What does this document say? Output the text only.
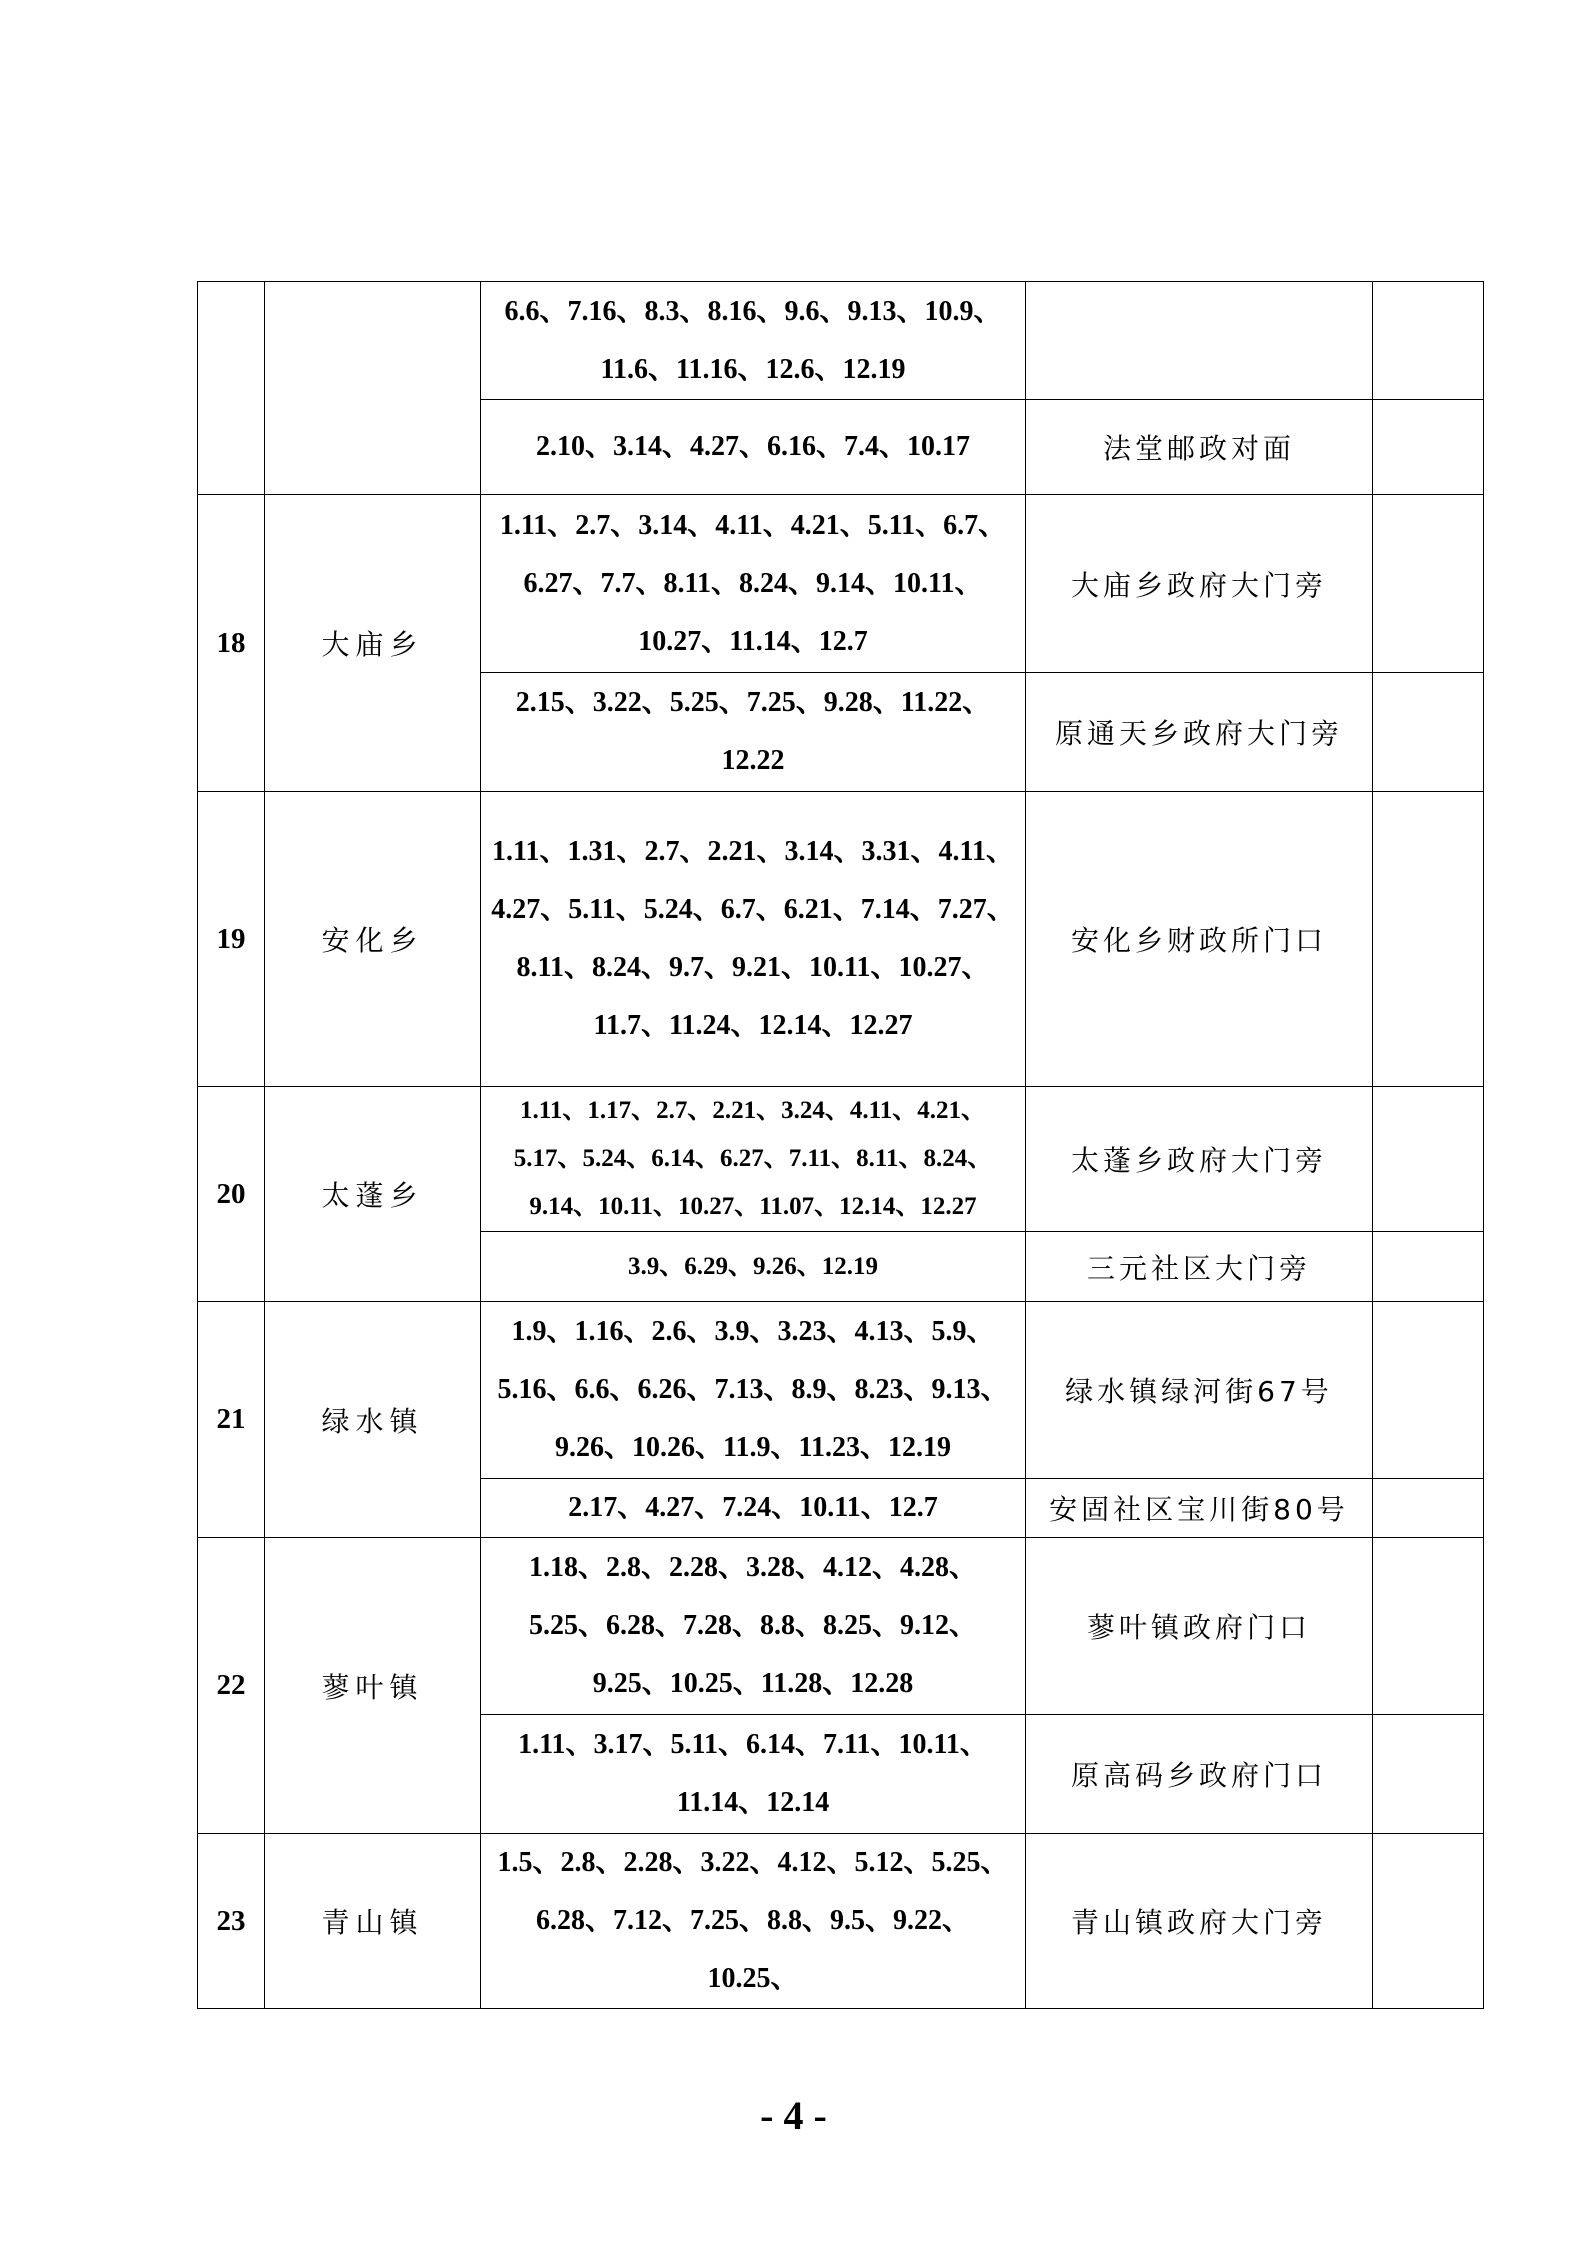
		6.6、7.16、8.3、8.16、9.6、9.13、10.9、11.6、11.16、12.6、12.19		
		2.10、3.14、4.27、6.16、7.4、10.17	法堂邮政对面	
18	大庙乡	1.11、2.7、3.14、4.11、4.21、5.11、6.7、6.27、7.7、8.11、8.24、9.14、10.11、10.27、11.14、12.7	大庙乡政府大门旁	
		2.15、3.22、5.25、7.25、9.28、11.22、12.22	原通天乡政府大门旁	
19	安化乡	1.11、1.31、2.7、2.21、3.14、3.31、4.11、4.27、5.11、5.24、6.7、6.21、7.14、7.27、8.11、8.24、9.7、9.21、10.11、10.27、11.7、11.24、12.14、12.27	安化乡财政所门口	
20	太蓬乡	1.11、1.17、2.7、2.21、3.24、4.11、4.21、5.17、5.24、6.14、6.27、7.11、8.11、8.24、9.14、10.11、10.27、11.07、12.14、12.27	太蓬乡政府大门旁	
		3.9、6.29、9.26、12.19	三元社区大门旁	
21	绿水镇	1.9、1.16、2.6、3.9、3.23、4.13、5.9、5.16、6.6、6.26、7.13、8.9、8.23、9.13、9.26、10.26、11.9、11.23、12.19	绿水镇绿河街67号	
		2.17、4.27、7.24、10.11、12.7	安固社区宝川街80号	
22	蓼叶镇	1.18、2.8、2.28、3.28、4.12、4.28、5.25、6.28、7.28、8.8、8.25、9.12、9.25、10.25、11.28、12.28	蓼叶镇政府门口	
		1.11、3.17、5.11、6.14、7.11、10.11、11.14、12.14	原高码乡政府门口	
23	青山镇	1.5、2.8、2.28、3.22、4.12、5.12、5.25、6.28、7.12、7.25、8.8、9.5、9.22、10.25、	青山镇政府大门旁	
- 4 -
